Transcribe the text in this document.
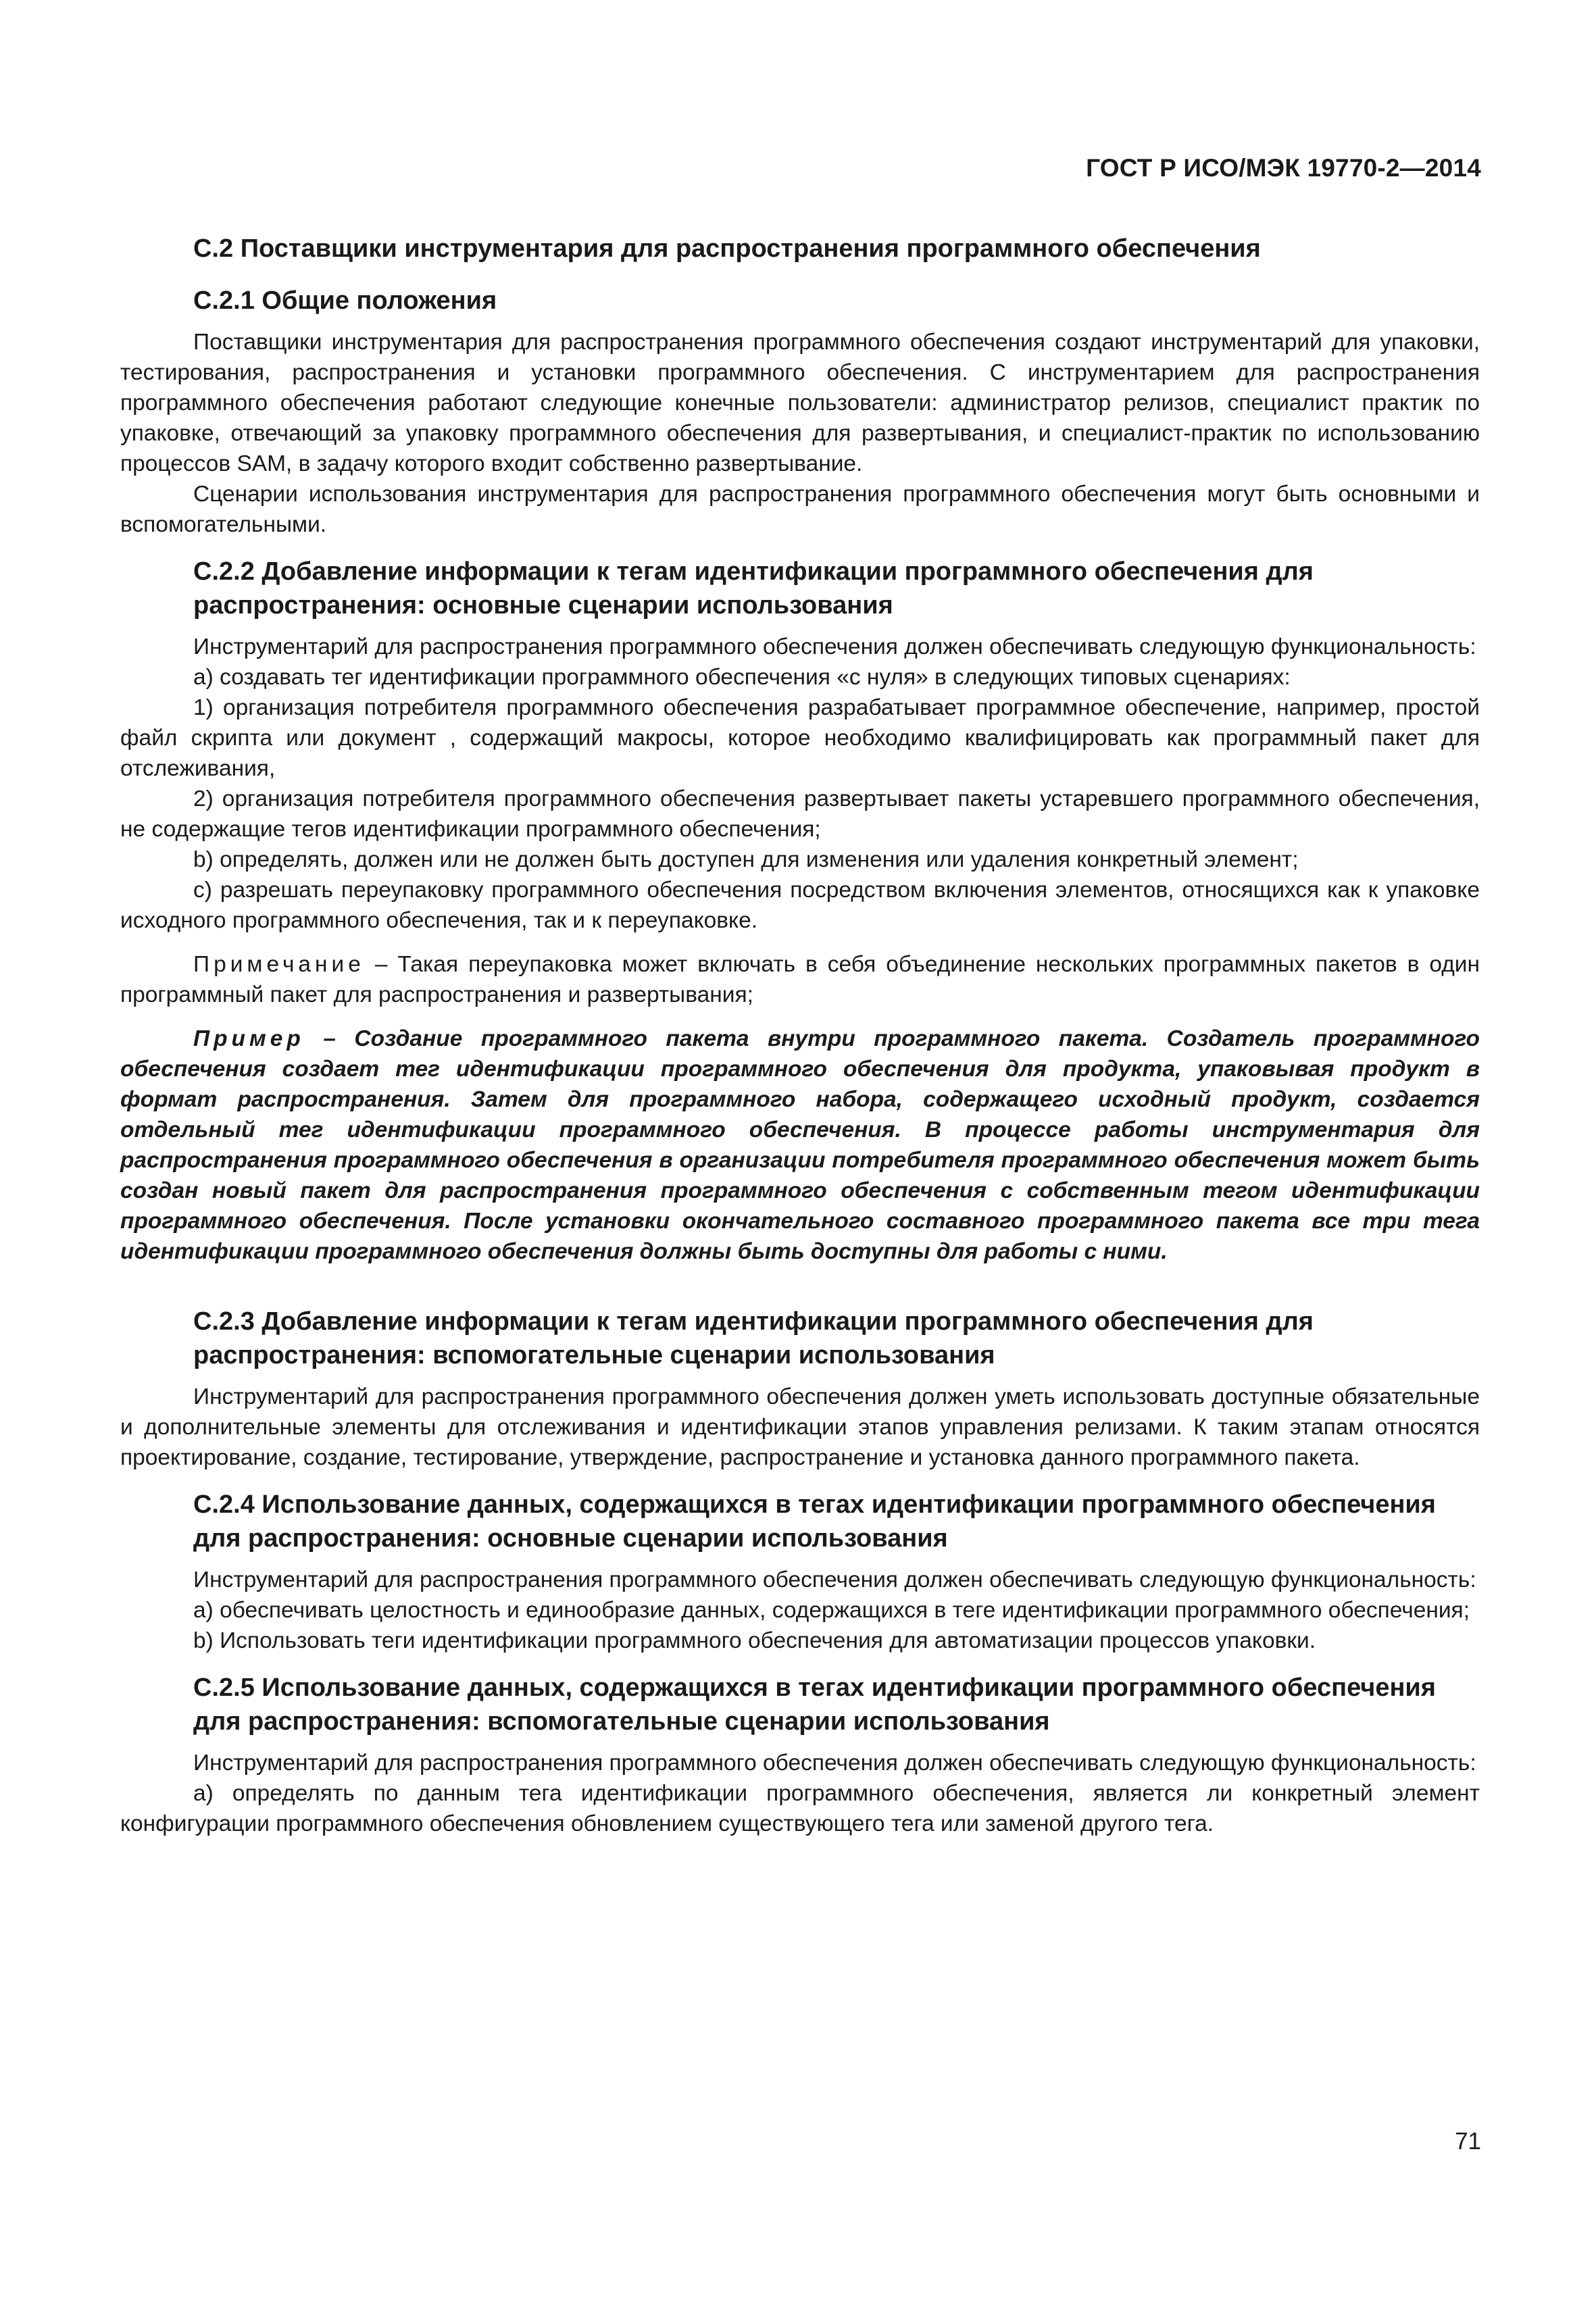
ГОСТ Р ИСО/МЭК 19770-2—2014
С.2 Поставщики инструментария для распространения программного обеспечения
С.2.1 Общие положения

Поставщики инструментария для распространения программного обеспечения создают инструментарий для упаковки, тестирования, распространения и установки программного обеспечения. С инструментарием для распространения программного обеспечения работают следующие конечные пользователи: администратор релизов, специалист практик по упаковке, отвечающий за упаковку программного обеспечения для развертывания, и специалист-практик по использованию процессов SAM, в задачу которого входит собственно развертывание.

Сценарии использования инструментария для распространения программного обеспечения могут быть основными и вспомогательными.

С.2.2 Добавление информации к тегам идентификации программного обеспечения для распространения: основные сценарии использования

Инструментарий для распространения программного обеспечения должен обеспечивать следующую функциональность:

а) создавать тег идентификации программного обеспечения «с нуля» в следующих типовых сценариях:

1) организация потребителя программного обеспечения разрабатывает программное обеспечение, например, простой файл скрипта или документ , содержащий макросы, которое необходимо квалифицировать как программный пакет для отслеживания,

2) организация потребителя программного обеспечения развертывает пакеты устаревшего программного обеспечения, не содержащие тегов идентификации программного обеспечения;

b) определять, должен или не должен быть доступен для изменения или удаления конкретный элемент;

c) разрешать переупаковку программного обеспечения посредством включения элементов, относящихся как к упаковке исходного программного обеспечения, так и к переупаковке.

Примечание – Такая переупаковка может включать в себя объединение нескольких программных пакетов в один программный пакет для распространения и развертывания;

Пример – Создание программного пакета внутри программного пакета. Создатель программного обеспечения создает тег идентификации программного обеспечения для продукта, упаковывая продукт в формат распространения. Затем для программного набора, содержащего исходный продукт, создается отдельный тег идентификации программного обеспечения. В процессе работы инструментария для распространения программного обеспечения в организации потребителя программного обеспечения может быть создан новый пакет для распространения программного обеспечения с собственным тегом идентификации программного обеспечения. После установки окончательного составного программного пакета все три тега идентификации программного обеспечения должны быть доступны для работы с ними.

С.2.3 Добавление информации к тегам идентификации программного обеспечения для распространения: вспомогательные сценарии использования

Инструментарий для распространения программного обеспечения должен уметь использовать доступные обязательные и дополнительные элементы для отслеживания и идентификации этапов управления релизами. К таким этапам относятся проектирование, создание, тестирование, утверждение, распространение и установка данного программного пакета.

С.2.4 Использование данных, содержащихся в тегах идентификации программного обеспечения для распространения: основные сценарии использования

Инструментарий для распространения программного обеспечения должен обеспечивать следующую функциональность:

а) обеспечивать целостность и единообразие данных, содержащихся в теге идентификации программного обеспечения;

b) Использовать теги идентификации программного обеспечения для автоматизации процессов упаковки.

С.2.5 Использование данных, содержащихся в тегах идентификации программного обеспечения для распространения: вспомогательные сценарии использования

Инструментарий для распространения программного обеспечения должен обеспечивать следующую функциональность:

а) определять по данным тега идентификации программного обеспечения, является ли конкретный элемент конфигурации программного обеспечения обновлением существующего тега или заменой другого тега.

71
